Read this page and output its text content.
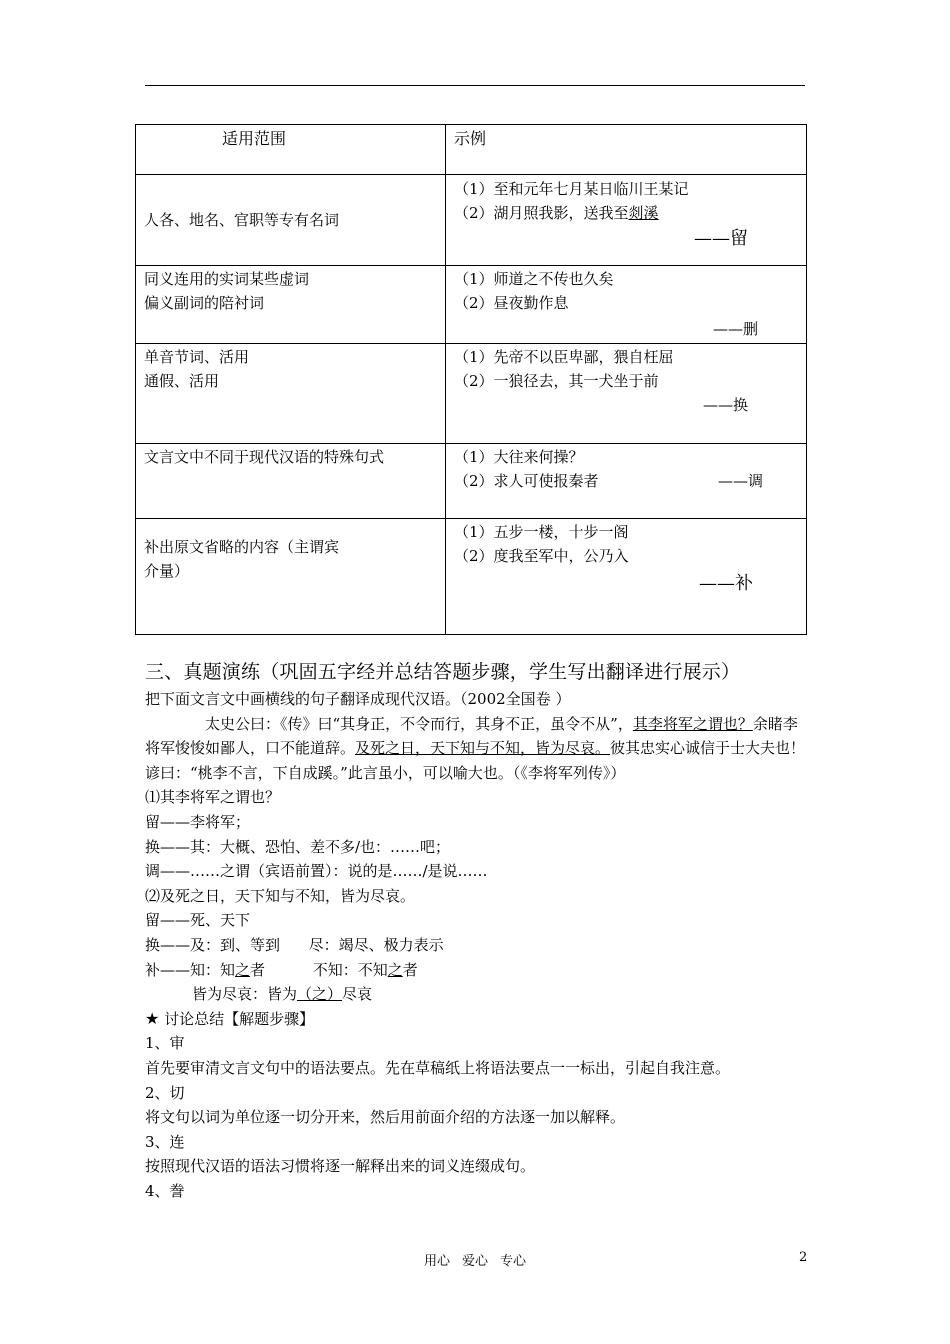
适用范围	示例

人各、地名、官职等专有名词	（1）至和元年七月某日临川王某记
（2）湖月照我影，送我至剡溪
——留

同义连用的实词某些虚词
偏义副词的陪衬词	（1）师道之不传也久矣
（2）昼夜勤作息
——删

单音节词、活用
通假、活用	（1）先帝不以臣卑鄙，猥自枉屈
（2）一狼径去，其一犬坐于前
——换

文言文中不同于现代汉语的特殊句式	（1）大往来何操？
（2）求人可使报秦者 ——调

补出原文省略的内容（主谓宾
介量）	（1）五步一楼，十步一阁
（2）度我至军中，公乃入
——补
三、真题演练（巩固五字经并总结答题步骤，学生写出翻译进行展示）

把下面文言文中画横线的句子翻译成现代汉语。（2002全国卷 ）

太史公曰：《传》曰“其身正，不令而行，其身不正，虽令不从”，其李将军之谓也？余睹李将军悛悛如鄙人，口不能道辞。及死之日，天下知与不知，皆为尽哀。彼其忠实心诚信于士大夫也！谚曰：“桃李不言，下自成蹊。”此言虽小，可以喻大也。（《李将军列传》）

⑴其李将军之谓也？

留——李将军；

换——其：大概、恐怕、差不多/也：……吧；

调——……之谓（宾语前置）：说的是……/是说……

⑵及死之日，天下知与不知，皆为尽哀。

留——死、天下

换——及：到、等到      尽：竭尽、极力表示

补——知：知之者          不知：不知之者

皆为尽哀：皆为（之）尽哀

★ 讨论总结【解题步骤】

1、审

首先要审清文言文句中的语法要点。先在草稿纸上将语法要点一一标出，引起自我注意。

2、切

将文句以词为单位逐一切分开来，然后用前面介绍的方法逐一加以解释。

3、连

按照现代汉语的语法习惯将逐一解释出来的词义连缀成句。

4、誊

用心 爱心 专心	2
